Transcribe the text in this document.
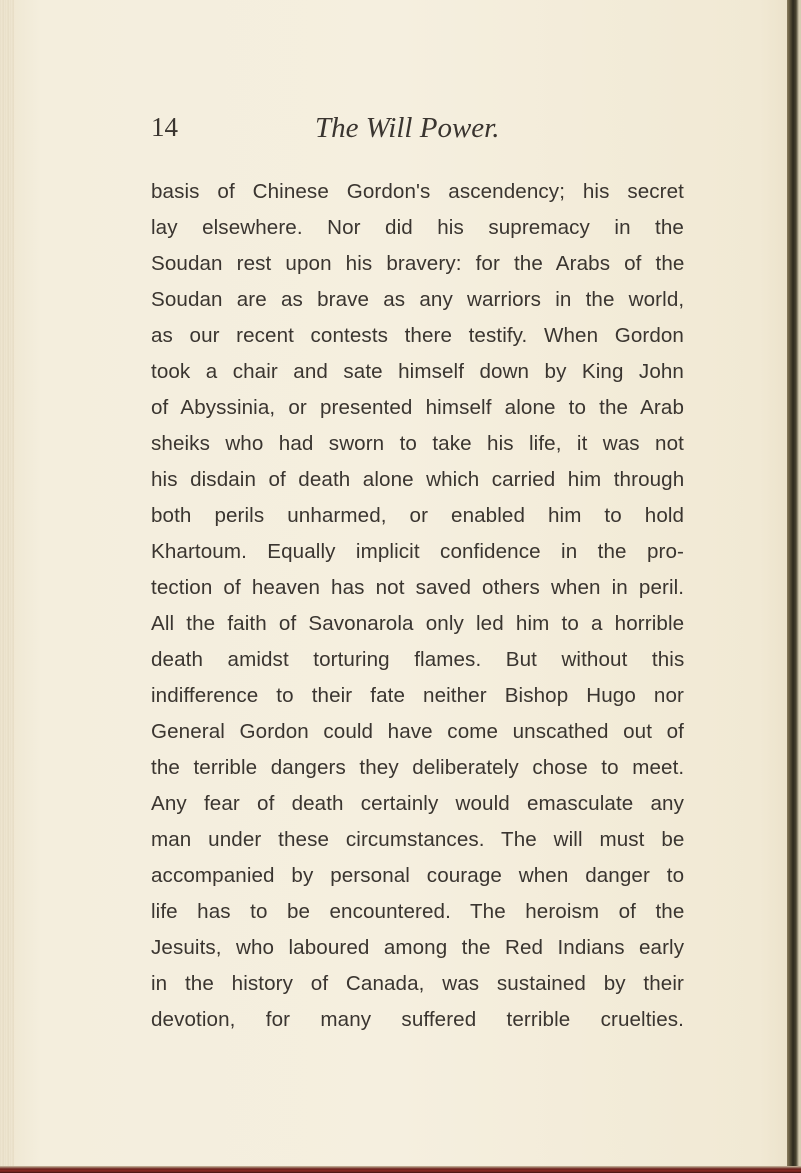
14	The Will Power.
basis of Chinese Gordon's ascendency; his secret
lay elsewhere. Nor did his supremacy in the
Soudan rest upon his bravery: for the Arabs of the
Soudan are as brave as any warriors in the world,
as our recent contests there testify. When Gordon
took a chair and sate himself down by King John
of Abyssinia, or presented himself alone to the Arab
sheiks who had sworn to take his life, it was not
his disdain of death alone which carried him through
both perils unharmed, or enabled him to hold
Khartoum. Equally implicit confidence in the pro-
tection of heaven has not saved others when in peril.
All the faith of Savonarola only led him to a horrible
death amidst torturing flames. But without this
indifference to their fate neither Bishop Hugo nor
General Gordon could have come unscathed out of
the terrible dangers they deliberately chose to meet.
Any fear of death certainly would emasculate any
man under these circumstances. The will must be
accompanied by personal courage when danger to
life has to be encountered. The heroism of the
Jesuits, who laboured among the Red Indians early
in the history of Canada, was sustained by their
devotion, for many suffered terrible cruelties.
